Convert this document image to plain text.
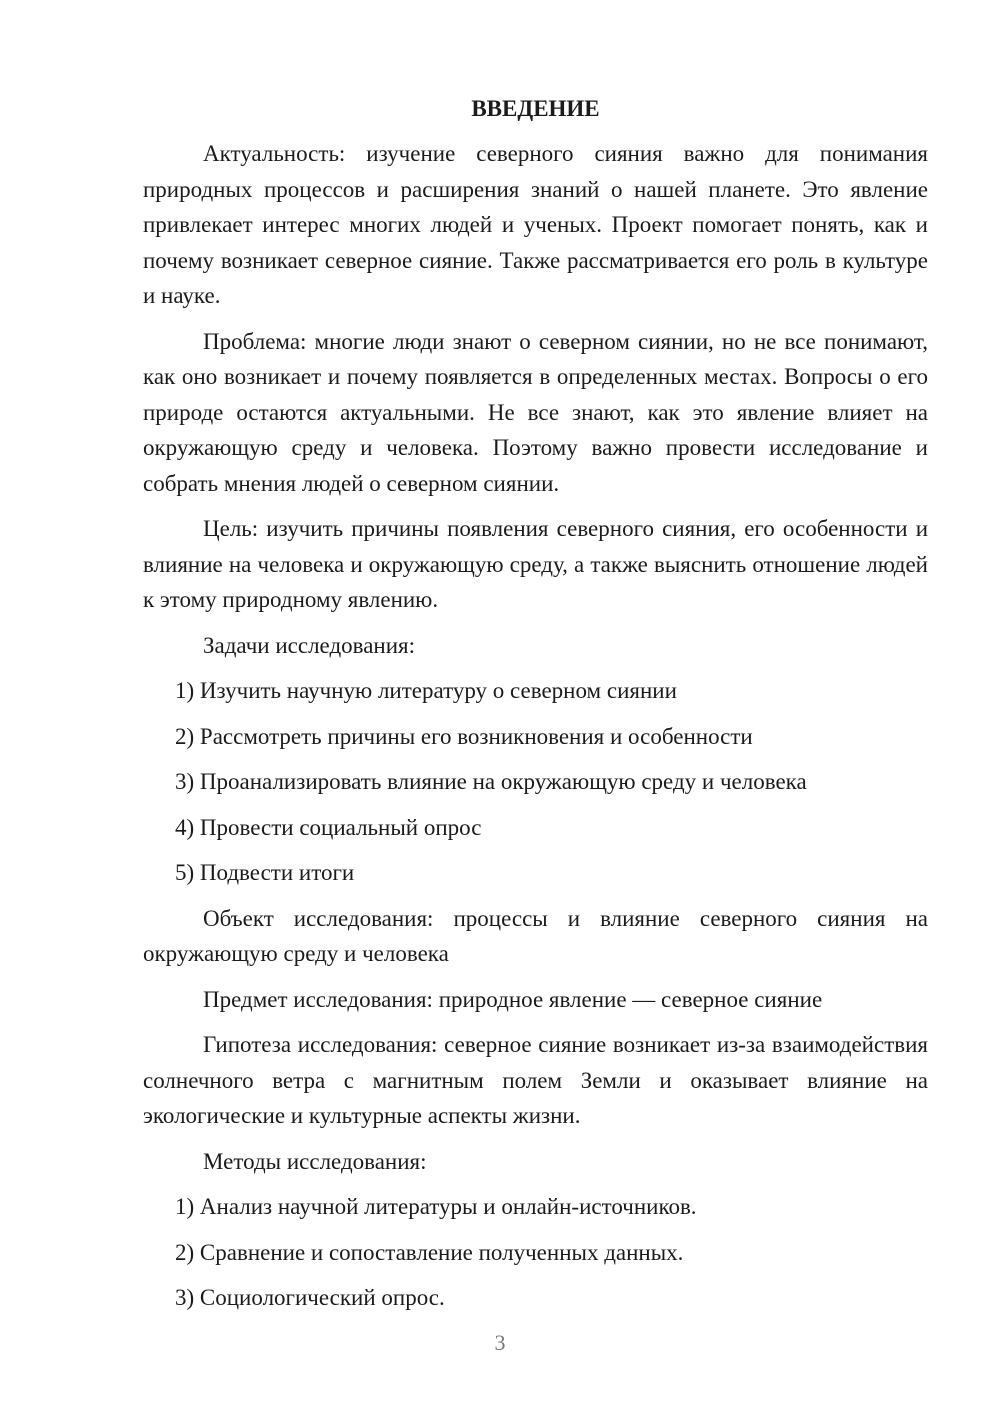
ВВЕДЕНИЕ

Актуальность: изучение северного сияния важно для понимания природных процессов и расширения знаний о нашей планете. Это явление привлекает интерес многих людей и ученых. Проект помогает понять, как и почему возникает северное сияние. Также рассматривается его роль в культуре и науке.

Проблема: многие люди знают о северном сиянии, но не все понимают, как оно возникает и почему появляется в определенных местах. Вопросы о его природе остаются актуальными. Не все знают, как это явление влияет на окружающую среду и человека. Поэтому важно провести исследование и собрать мнения людей о северном сиянии.

Цель: изучить причины появления северного сияния, его особенности и влияние на человека и окружающую среду, а также выяснить отношение людей к этому природному явлению.

Задачи исследования:

1) Изучить научную литературу о северном сиянии
2) Рассмотреть причины его возникновения и особенности
3) Проанализировать влияние на окружающую среду и человека
4) Провести социальный опрос
5) Подвести итоги

Объект исследования: процессы и влияние северного сияния на окружающую среду и человека

Предмет исследования: природное явление — северное сияние

Гипотеза исследования: северное сияние возникает из-за взаимодействия солнечного ветра с магнитным полем Земли и оказывает влияние на экологические и культурные аспекты жизни.

Методы исследования:

1) Анализ научной литературы и онлайн-источников.
2) Сравнение и сопоставление полученных данных.
3) Социологический опрос.
3
